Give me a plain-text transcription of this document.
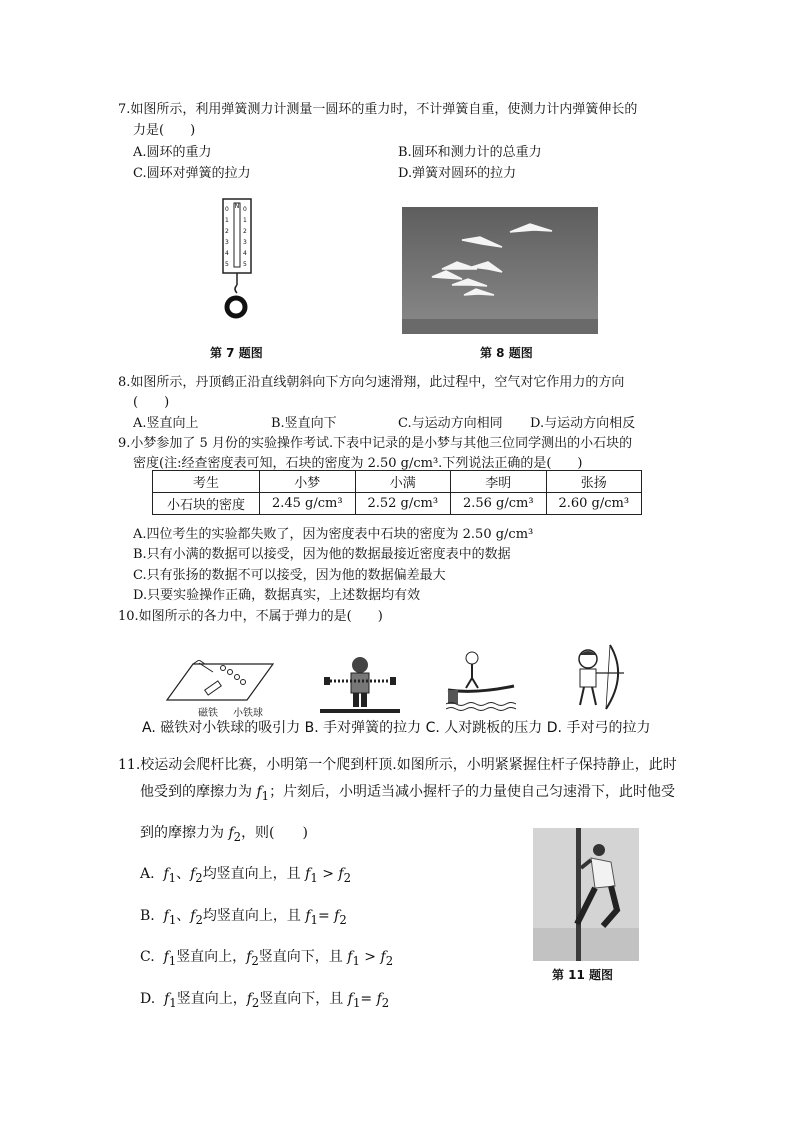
7.如图所示，利用弹簧测力计测量一圆环的重力时，不计弹簧自重，使测力计内弹簧伸长的
力是(　　)
A.圆环的重力	B.圆环和测力计的总重力
C.圆环对弹簧的拉力	D.弹簧对圆环的拉力
N
0
1
2
3
4
5
0
1
2
3
4
5
第 7 题图	第 8 题图
8.如图所示，丹顶鹤正沿直线朝斜向下方向匀速滑翔，此过程中，空气对它作用力的方向
(　　)
A.竖直向上	B.竖直向下	C.与运动方向相同 D.与运动方向相反
9.小梦参加了 5 月份的实验操作考试.下表中记录的是小梦与其他三位同学测出的小石块的
密度(注:经查密度表可知，石块的密度为 2.50 g/cm³.下列说法正确的是(　　)
考生	小梦	小满	李明	张扬
小石块的密度	2.45 g/cm³	2.52 g/cm³	2.56 g/cm³	2.60 g/cm³
A.四位考生的实验都失败了，因为密度表中石块的密度为 2.50 g/cm³
B.只有小满的数据可以接受，因为他的数据最接近密度表中的数据
C.只有张扬的数据不可以接受，因为他的数据偏差最大
D.只要实验操作正确，数据真实，上述数据均有效
10.如图所示的各力中，不属于弹力的是(　　)
磁铁 小铁球
A. 磁铁对小铁球的吸引力 B. 手对弹簧的拉力 C. 人对跳板的压力 D. 手对弓的拉力
11.校运动会爬杆比赛，小明第一个爬到杆顶.如图所示，小明紧紧握住杆子保持静止，此时
他受到的摩擦力为 $f_1$；片刻后，小明适当减小握杆子的力量使自己匀速滑下，此时他受
到的摩擦力为 $f_2$，则(　　)
A. $f_1$、$f_2$均竖直向上，且 $f_1 > f_2$
B. $f_1$、$f_2$均竖直向上，且 $f_1= f_2$
C. $f_1$竖直向上，$f_2$竖直向下，且 $f_1 > f_2$
D. $f_1$竖直向上，$f_2$竖直向下，且 $f_1= f_2$
第 11 题图
